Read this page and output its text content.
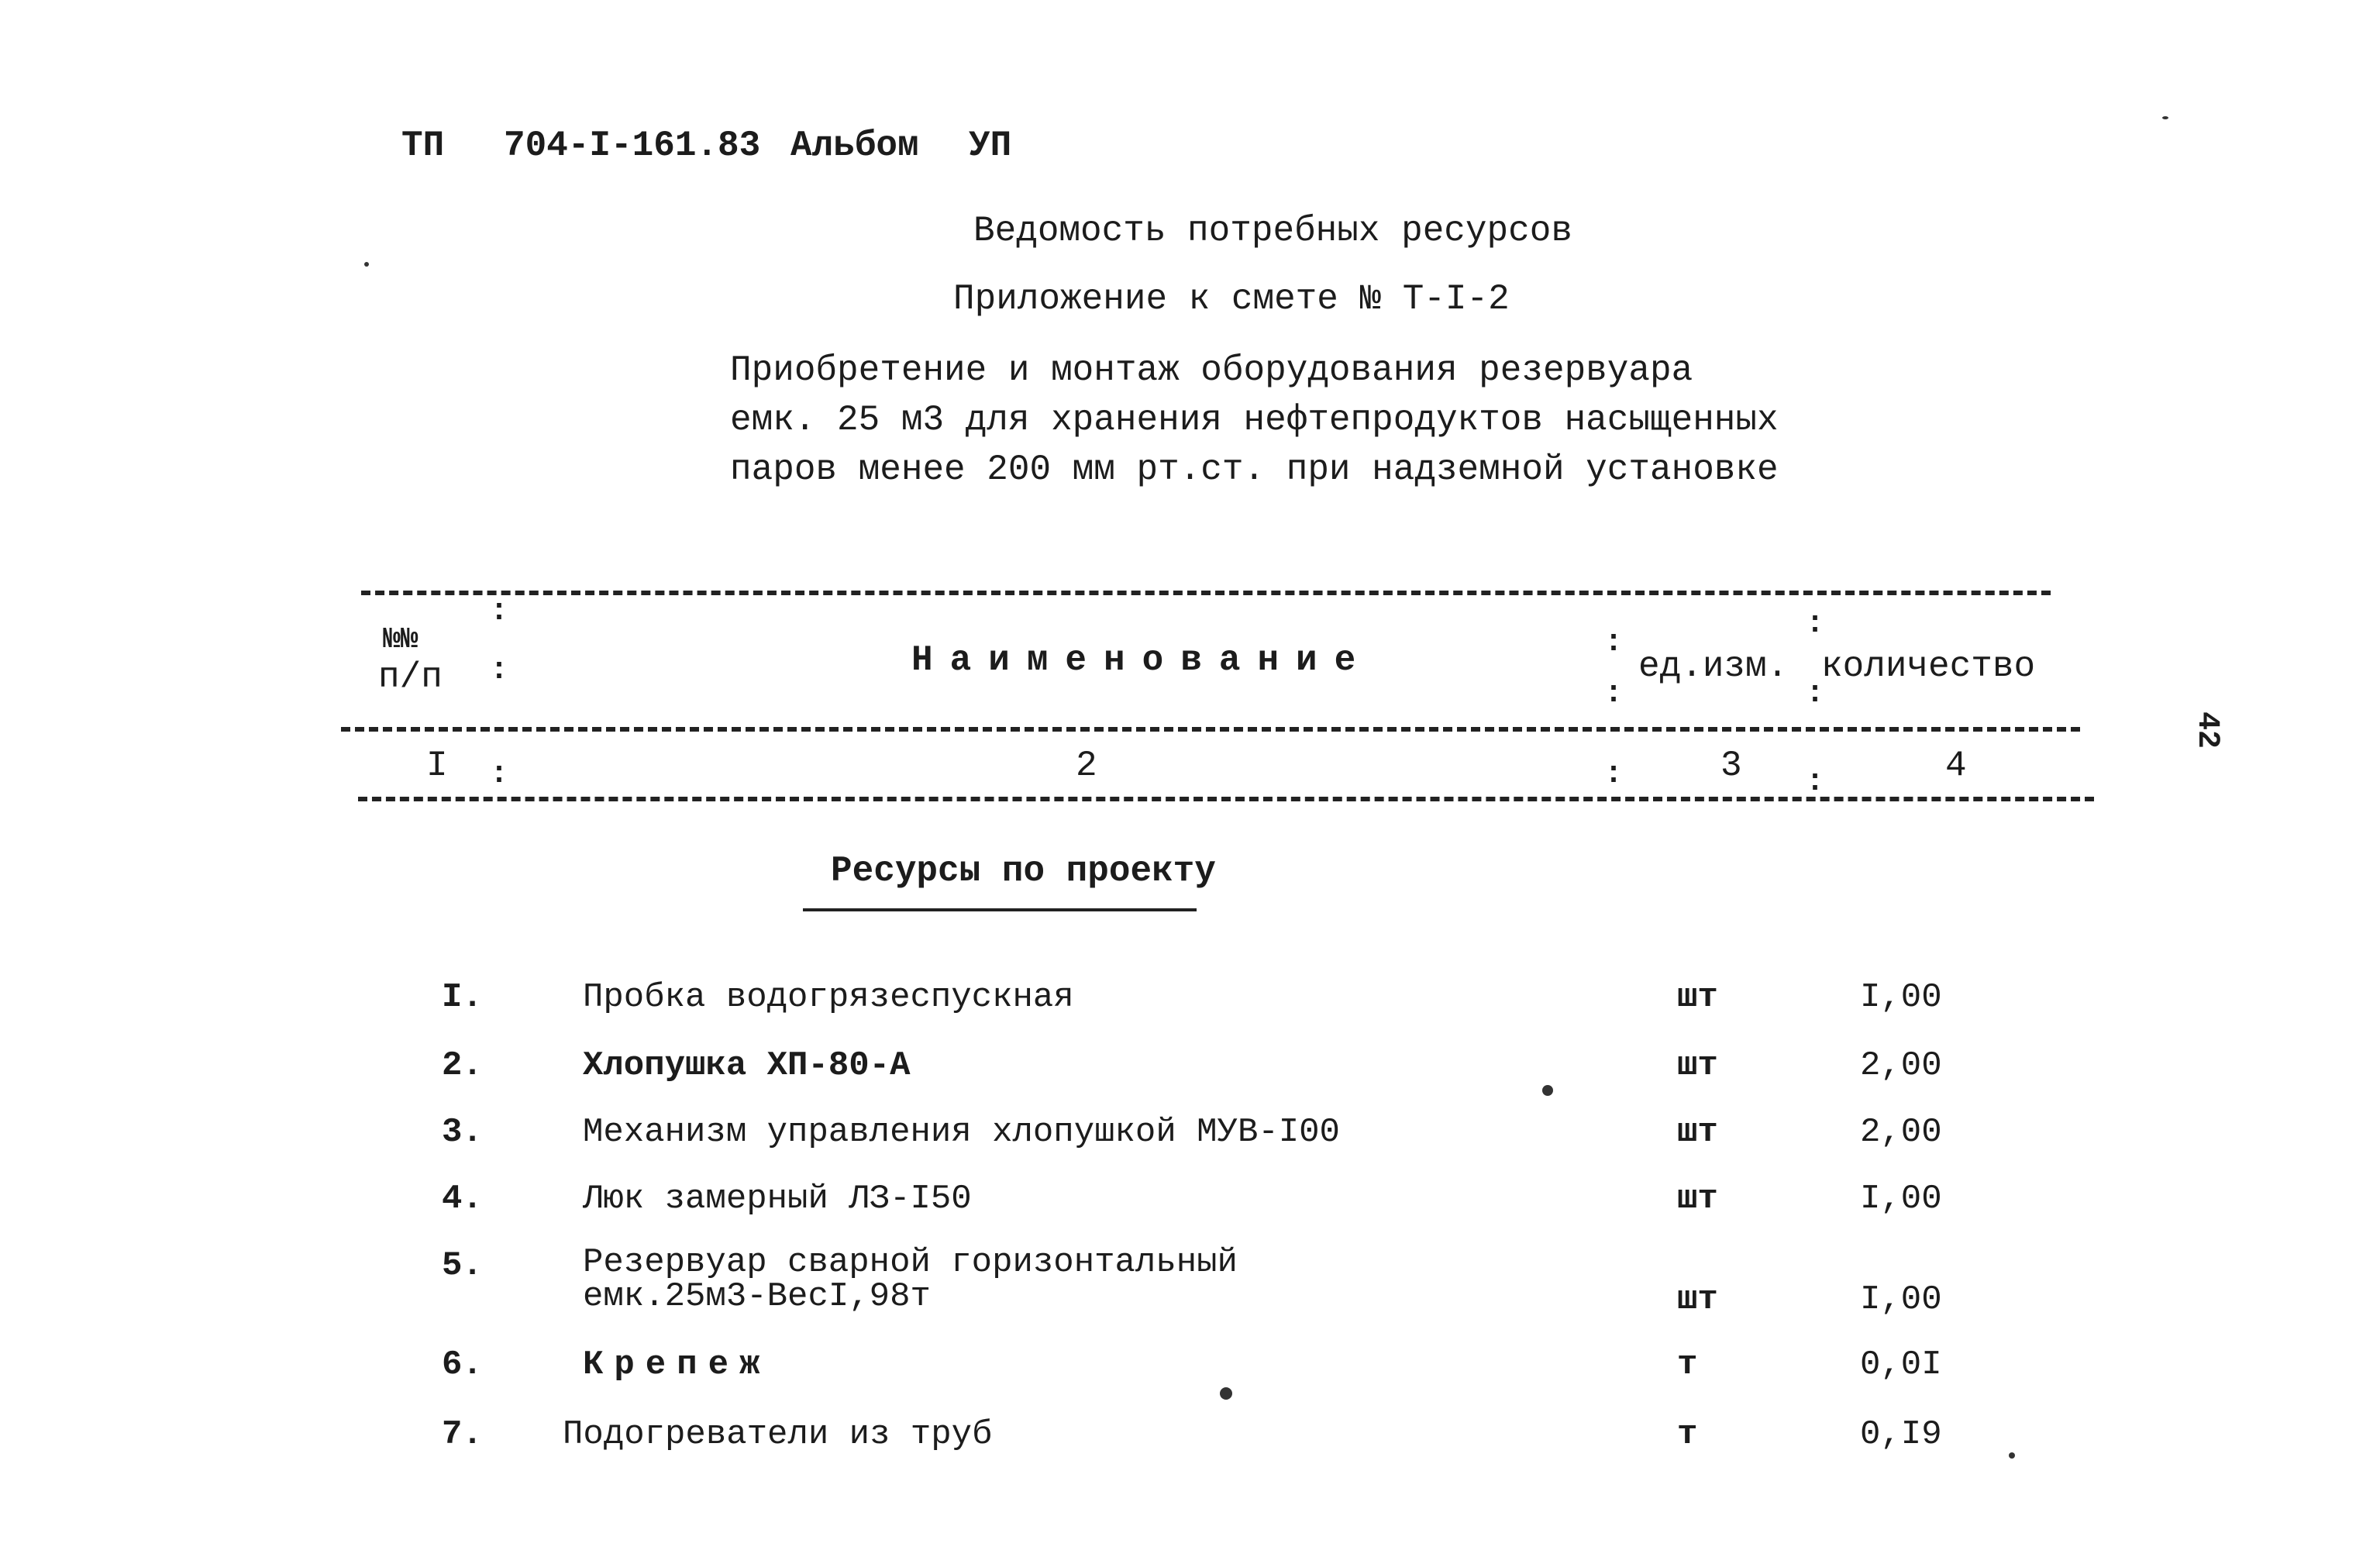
ТП 704-I-161.83 Альбом УП
Ведомость потребных ресурсов
Приложение к смете № Т-I-2
Приобретение и монтаж оборудования резервуара
емк. 25 м3 для хранения нефтепродуктов насыщенных
паров менее 200 мм рт.ст. при надземной установке
:
:
:
:
:
:
:
:
:
№№
п/п	Наименование	ед.изм. количество
I	2	3	4
Ресурсы по проекту
I.	Пробка водогрязеспускная	шт	I,00
2.	Хлопушка ХП-80-А	шт	2,00
3.	Механизм управления хлопушкой МУВ-I00	шт	2,00
4.	Люк замерный ЛЗ-I50	шт	I,00
5.	Резервуар сварной горизонтальный
емк.25м3-ВесI,98т	шт	I,00
6.	Крепеж	т	0,0I
7. Подогреватели из труб	т	0,I9
42
